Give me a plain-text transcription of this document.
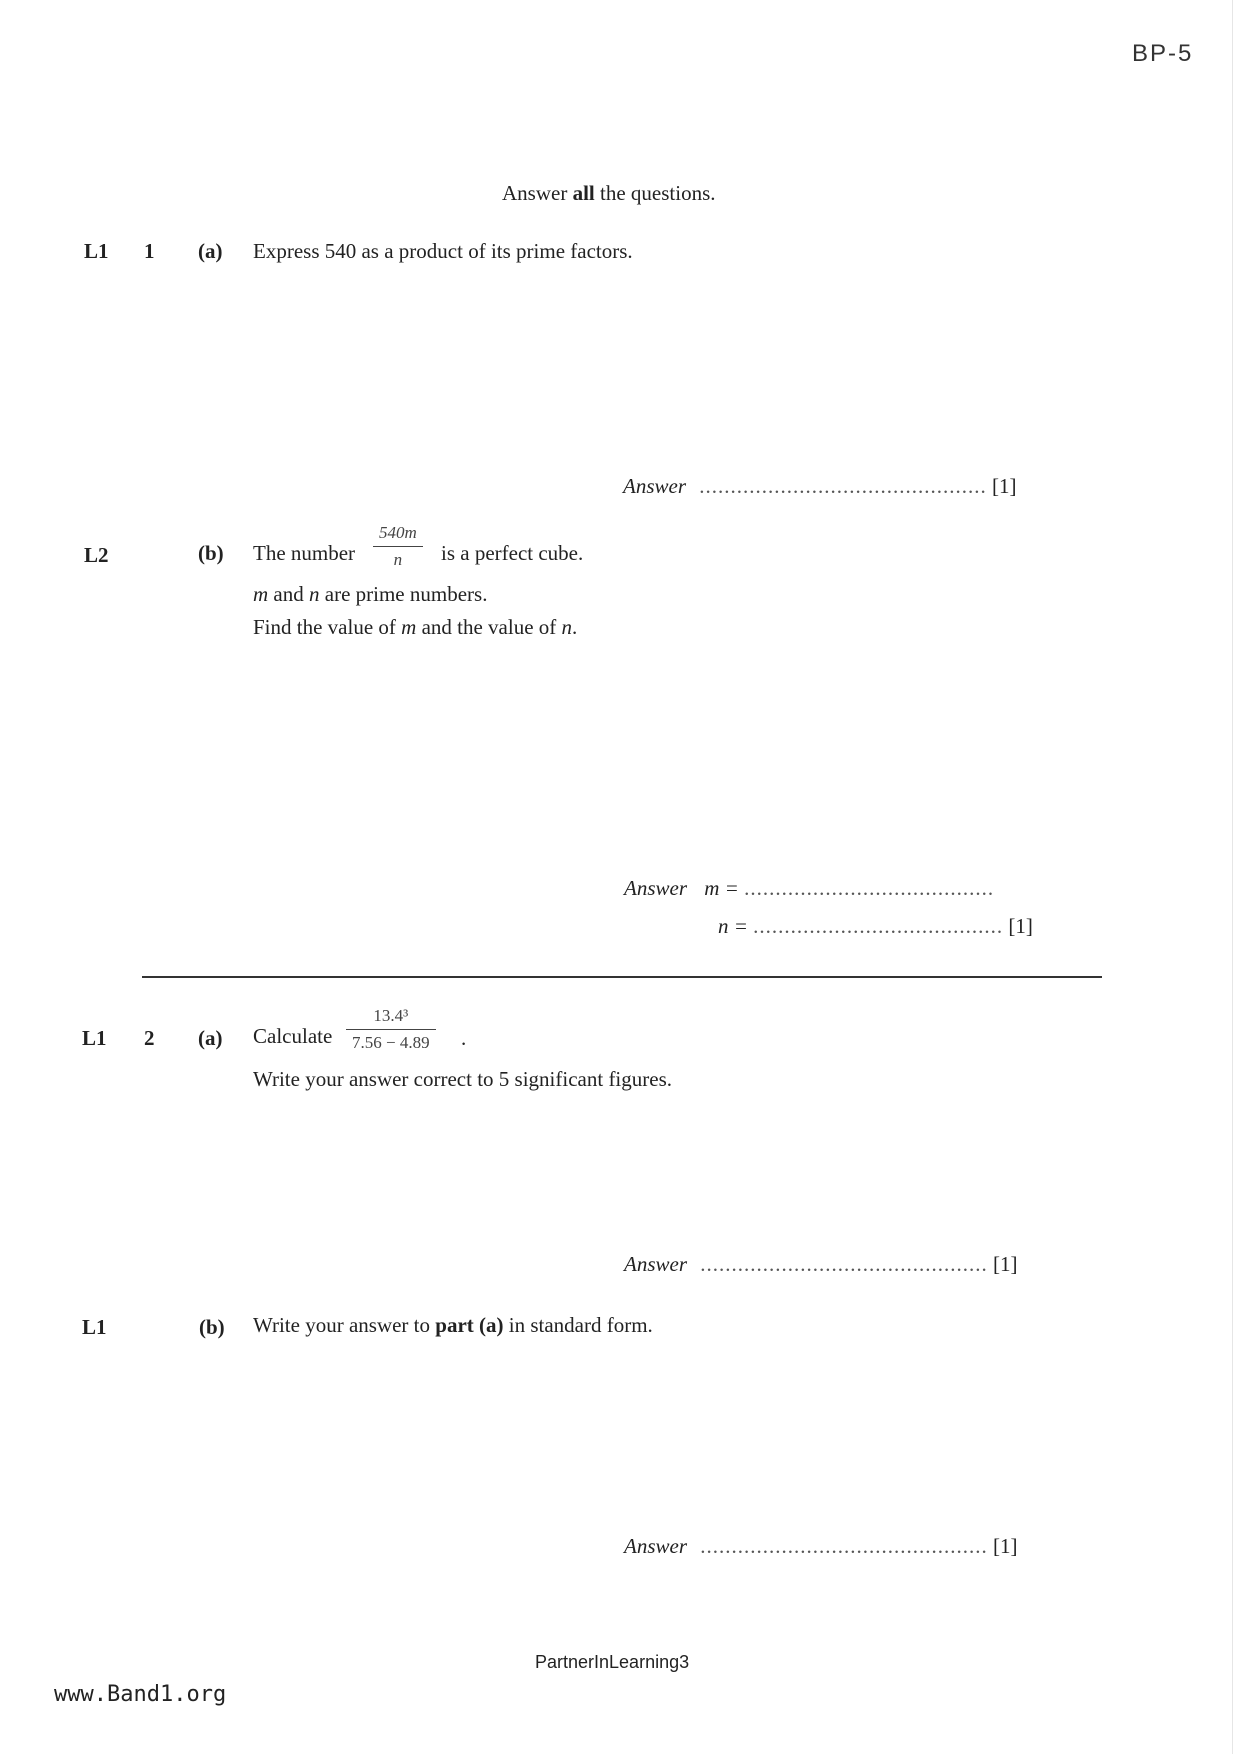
BP-5
Answer all the questions.
L1 1 (a) Express 540 as a product of its prime factors.
Answer .............................................. [1]
L2	(b) The number $\frac{540m}{n}$ is a perfect cube.
m and n are prime numbers.
Find the value of m and the value of n.
Answer m = ........................................
n = ........................................ [1]
L1 2 (a) Calculate $\frac{\text{13.4³}}{7.56 - 4.89}$ .
Write your answer correct to 5 significant figures.
Answer .............................................. [1]
L1	(b) Write your answer to part (a) in standard form.
Answer .............................................. [1]
PartnerInLearning3
www.Band1.org
